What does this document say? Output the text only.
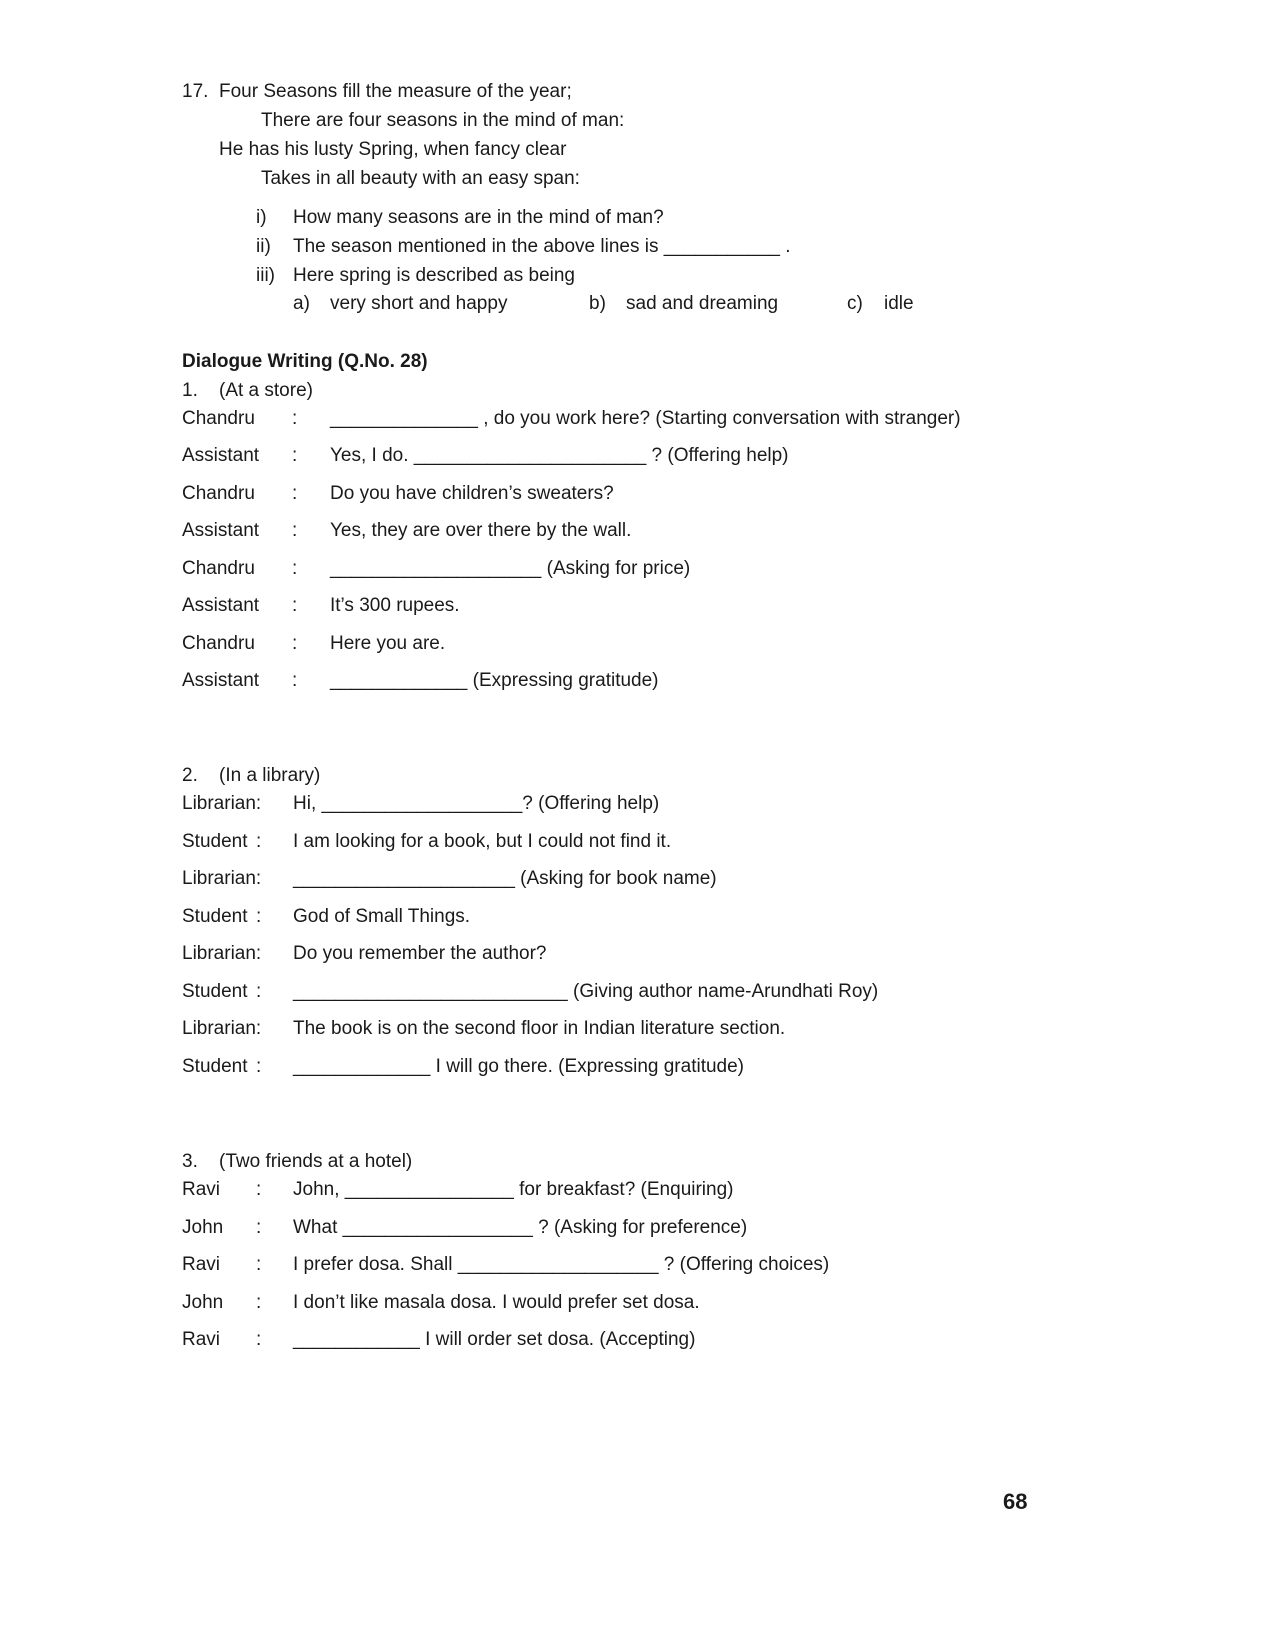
17. Four Seasons fill the measure of the year;
There are four seasons in the mind of man:
He has his lusty Spring, when fancy clear
Takes in all beauty with an easy span:
i) How many seasons are in the mind of man?
ii) The season mentioned in the above lines is ___________ .
iii) Here spring is described as being
a) very short and happy	b) sad and dreaming	c) idle
Dialogue Writing (Q.No. 28)
1. (At a store)
Chandru : ______________ , do you work here? (Starting conversation with stranger)
Assistant : Yes, I do. ______________________ ? (Offering help)
Chandru : Do you have children’s sweaters?
Assistant : Yes, they are over there by the wall.
Chandru : ____________________ (Asking for price)
Assistant : It’s 300 rupees.
Chandru : Here you are.
Assistant : _____________ (Expressing gratitude)
2. (In a library)
Librarian: Hi, ___________________? (Offering help)
Student : I am looking for a book, but I could not find it.
Librarian: _____________________ (Asking for book name)
Student : God of Small Things.
Librarian: Do you remember the author?
Student : __________________________ (Giving author name-Arundhati Roy)
Librarian: The book is on the second floor in Indian literature section.
Student : _____________ I will go there. (Expressing gratitude)
3. (Two friends at a hotel)
Ravi : John, ________________ for breakfast? (Enquiring)
John : What __________________ ? (Asking for preference)
Ravi : I prefer dosa. Shall ___________________ ? (Offering choices)
John : I don’t like masala dosa. I would prefer set dosa.
Ravi : ____________ I will order set dosa. (Accepting)
68
